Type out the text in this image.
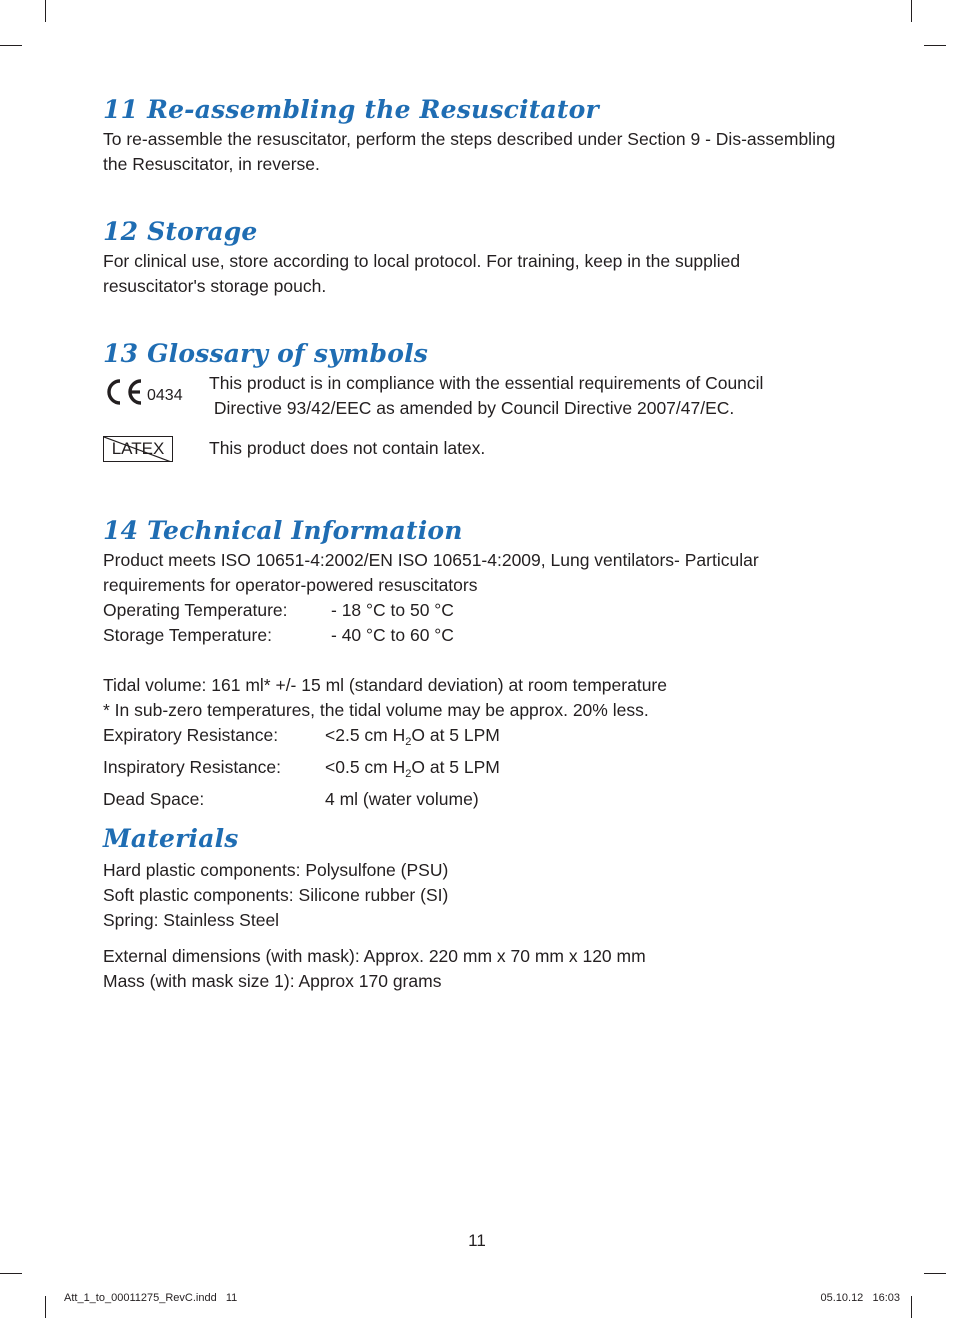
11 Re-assembling the Resuscitator

To re-assemble the resuscitator, perform the steps described under Section 9 - Dis-assembling

the Resuscitator, in reverse.

12 Storage

For clinical use, store according to local protocol. For training, keep in the supplied

resuscitator's storage pouch.

13 Glossary of symbols
0434
This product is in compliance with the essential requirements of Council
Directive 93/42/EEC as amended by Council Directive 2007/47/EC.
LATEX	This product does not contain latex.
14 Technical Information

Product meets ISO 10651-4:2002/EN ISO 10651-4:2009, Lung ventilators- Particular

requirements for operator-powered resuscitators

Operating Temperature:	- 18 °C to 50 °C
Storage Temperature:	- 40 °C to 60 °C

Tidal volume: 161 ml* +/- 15 ml (standard deviation) at room temperature

* In sub-zero temperatures, the tidal volume may be approx. 20% less.

Expiratory Resistance:	<2.5 cm $H_2O$ at 5 LPM
Inspiratory Resistance:	<0.5 cm $H_2O$ at 5 LPM
Dead Space:	4 ml (water volume)
Materials

Hard plastic components: Polysulfone (PSU)

Soft plastic components: Silicone rubber (SI)

Spring: Stainless Steel

External dimensions (with mask): Approx. 220 mm x 70 mm x 120 mm

Mass (with mask size 1): Approx 170 grams

11
Att_1_to_00011275_RevC.indd   11	05.10.12   16:03
